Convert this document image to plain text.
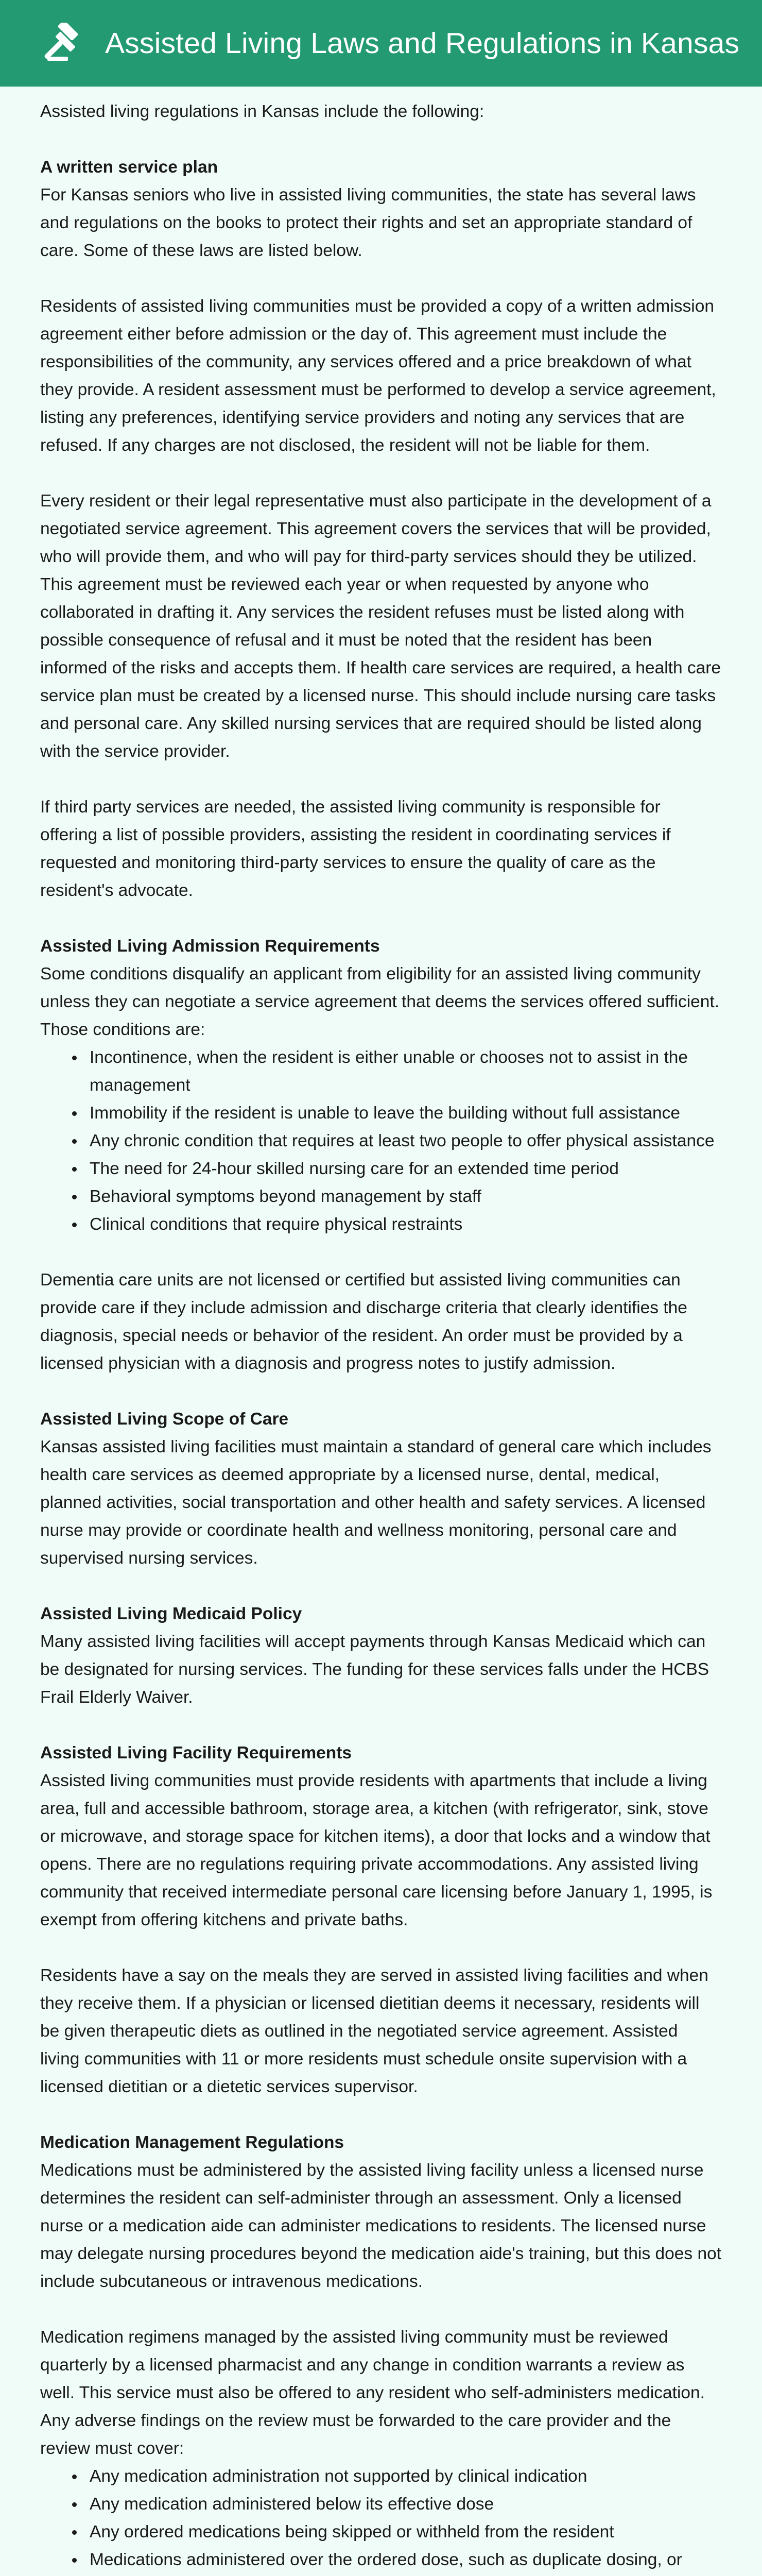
Assisted Living Laws and Regulations in Kansas

Assisted living regulations in Kansas include the following:

A written service plan

For Kansas seniors who live in assisted living communities, the state has several laws and regulations on the books to protect their rights and set an appropriate standard of care. Some of these laws are listed below.

Residents of assisted living communities must be provided a copy of a written admission agreement either before admission or the day of. This agreement must include the responsibilities of the community, any services offered and a price breakdown of what they provide. A resident assessment must be performed to develop a service agreement, listing any preferences, identifying service providers and noting any services that are refused. If any charges are not disclosed, the resident will not be liable for them.

Every resident or their legal representative must also participate in the development of a negotiated service agreement. This agreement covers the services that will be provided, who will provide them, and who will pay for third-party services should they be utilized. This agreement must be reviewed each year or when requested by anyone who collaborated in drafting it. Any services the resident refuses must be listed along with possible consequence of refusal and it must be noted that the resident has been informed of the risks and accepts them. If health care services are required, a health care service plan must be created by a licensed nurse. This should include nursing care tasks and personal care. Any skilled nursing services that are required should be listed along with the service provider.

If third party services are needed, the assisted living community is responsible for offering a list of possible providers, assisting the resident in coordinating services if requested and monitoring third-party services to ensure the quality of care as the resident's advocate.

Assisted Living Admission Requirements

Some conditions disqualify an applicant from eligibility for an assisted living community unless they can negotiate a service agreement that deems the services offered sufficient. Those conditions are:

Incontinence, when the resident is either unable or chooses not to assist in the management
Immobility if the resident is unable to leave the building without full assistance
Any chronic condition that requires at least two people to offer physical assistance
The need for 24-hour skilled nursing care for an extended time period
Behavioral symptoms beyond management by staff
Clinical conditions that require physical restraints

Dementia care units are not licensed or certified but assisted living communities can provide care if they include admission and discharge criteria that clearly identifies the diagnosis, special needs or behavior of the resident. An order must be provided by a licensed physician with a diagnosis and progress notes to justify admission.

Assisted Living Scope of Care

Kansas assisted living facilities must maintain a standard of general care which includes health care services as deemed appropriate by a licensed nurse, dental, medical, planned activities, social transportation and other health and safety services. A licensed nurse may provide or coordinate health and wellness monitoring, personal care and supervised nursing services.

Assisted Living Medicaid Policy

Many assisted living facilities will accept payments through Kansas Medicaid which can be designated for nursing services. The funding for these services falls under the HCBS Frail Elderly Waiver.

Assisted Living Facility Requirements

Assisted living communities must provide residents with apartments that include a living area, full and accessible bathroom, storage area, a kitchen (with refrigerator, sink, stove or microwave, and storage space for kitchen items), a door that locks and a window that opens. There are no regulations requiring private accommodations. Any assisted living community that received intermediate personal care licensing before January 1, 1995, is exempt from offering kitchens and private baths.

Residents have a say on the meals they are served in assisted living facilities and when they receive them. If a physician or licensed dietitian deems it necessary, residents will be given therapeutic diets as outlined in the negotiated service agreement. Assisted living communities with 11 or more residents must schedule onsite supervision with a licensed dietitian or a dietetic services supervisor.

Medication Management Regulations

Medications must be administered by the assisted living facility unless a licensed nurse determines the resident can self-administer through an assessment. Only a licensed nurse or a medication aide can administer medications to residents. The licensed nurse may delegate nursing procedures beyond the medication aide's training, but this does not include subcutaneous or intravenous medications.

Medication regimens managed by the assisted living community must be reviewed quarterly by a licensed pharmacist and any change in condition warrants a review as well. This service must also be offered to any resident who self-administers medication. Any adverse findings on the review must be forwarded to the care provider and the review must cover:

Any medication administration not supported by clinical indication
Any medication administered below its effective dose
Any ordered medications being skipped or withheld from the resident
Medications administered over the ordered dose, such as duplicate dosing, or
